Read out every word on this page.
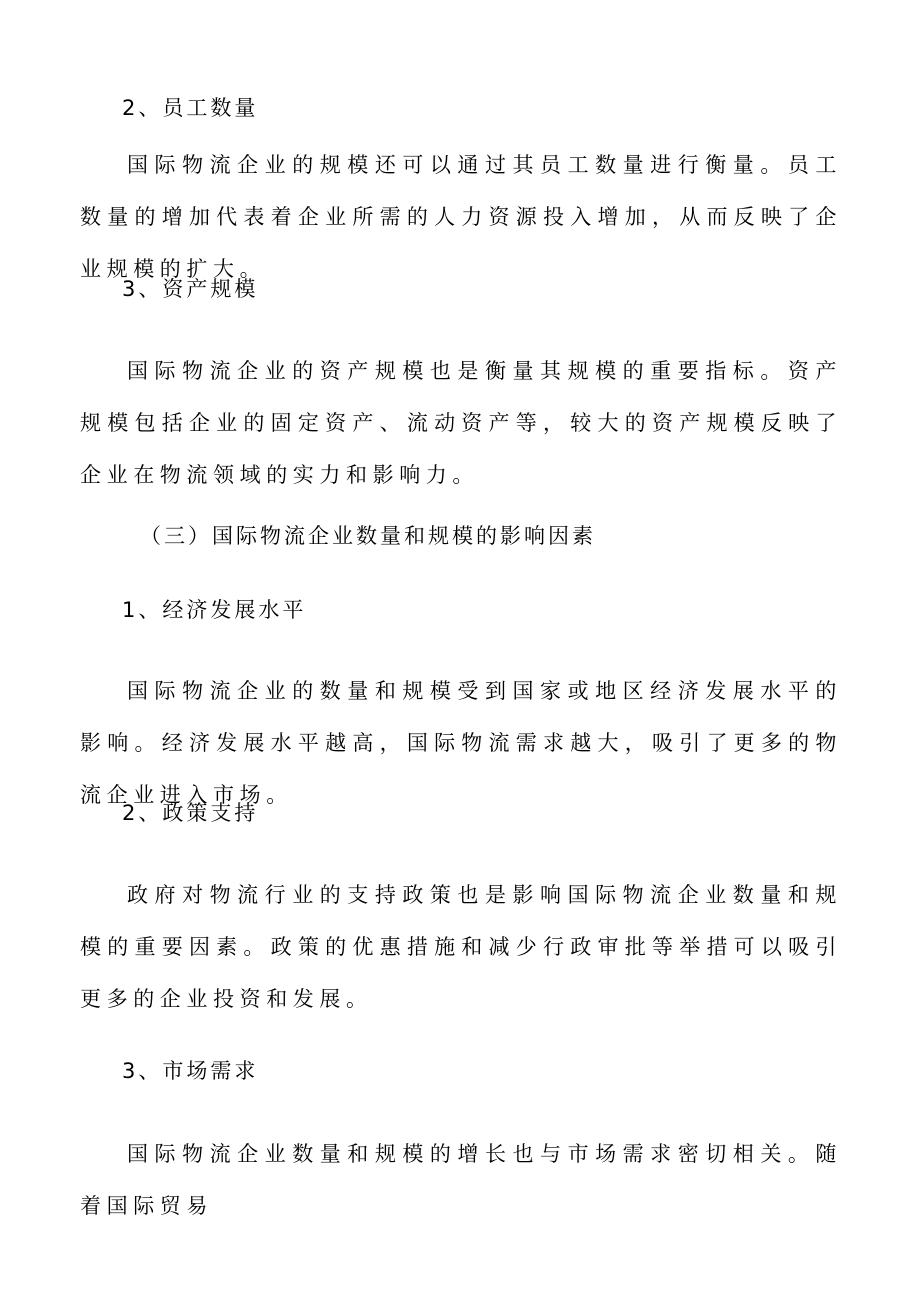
2、员工数量

国际物流企业的规模还可以通过其员工数量进行衡量。员工数量的增加代表着企业所需的人力资源投入增加，从而反映了企业规模的扩大。

3、资产规模

国际物流企业的资产规模也是衡量其规模的重要指标。资产规模包括企业的固定资产、流动资产等，较大的资产规模反映了企业在物流领域的实力和影响力。

（三）国际物流企业数量和规模的影响因素
1、经济发展水平

国际物流企业的数量和规模受到国家或地区经济发展水平的影响。经济发展水平越高，国际物流需求越大，吸引了更多的物流企业进入市场。

2、政策支持

政府对物流行业的支持政策也是影响国际物流企业数量和规模的重要因素。政策的优惠措施和减少行政审批等举措可以吸引更多的企业投资和发展。

3、市场需求

国际物流企业数量和规模的增长也与市场需求密切相关。随着国际贸易
